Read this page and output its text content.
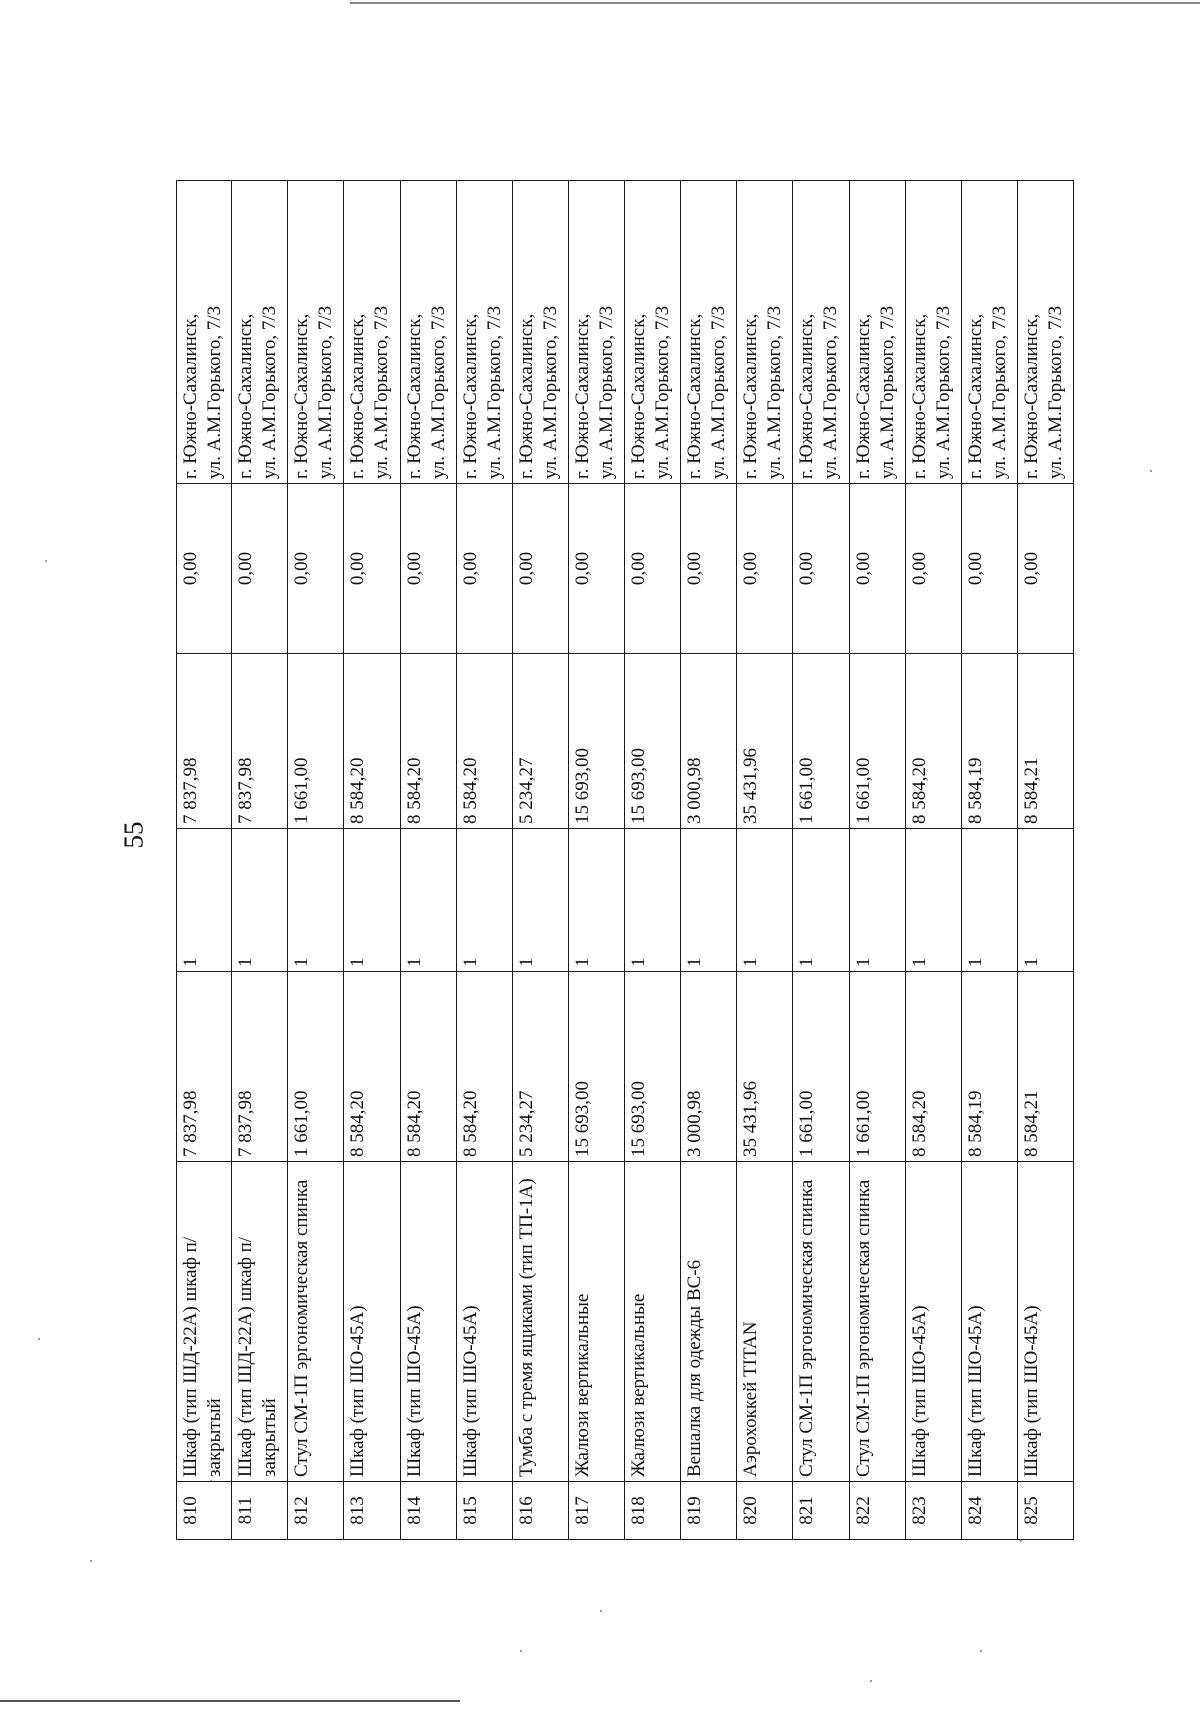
55
810
Шкаф (тип ШД-22А) шкаф п/закрытый
7 837,98
1
7 837,98
0,00
г. Южно-Сахалинск, ул. А.М.Горького, 7/3
811
Шкаф (тип ШД-22А) шкаф п/закрытый
7 837,98
1
7 837,98
0,00
г. Южно-Сахалинск, ул. А.М.Горького, 7/3
812
Стул СМ-1П эргономическая спинка
1 661,00
1
1 661,00
0,00
г. Южно-Сахалинск, ул. А.М.Горького, 7/3
813
Шкаф (тип ШО-45А)
8 584,20
1
8 584,20
0,00
г. Южно-Сахалинск, ул. А.М.Горького, 7/3
814
Шкаф (тип ШО-45А)
8 584,20
1
8 584,20
0,00
г. Южно-Сахалинск, ул. А.М.Горького, 7/3
815
Шкаф (тип ШО-45А)
8 584,20
1
8 584,20
0,00
г. Южно-Сахалинск, ул. А.М.Горького, 7/3
816
Тумба с тремя ящиками (тип ТП-1А)
5 234,27
1
5 234,27
0,00
г. Южно-Сахалинск, ул. А.М.Горького, 7/3
817
Жалюзи вертикальные
15 693,00
1
15 693,00
0,00
г. Южно-Сахалинск, ул. А.М.Горького, 7/3
818
Жалюзи вертикальные
15 693,00
1
15 693,00
0,00
г. Южно-Сахалинск, ул. А.М.Горького, 7/3
819
Вешалка для одежды ВС-6
3 000,98
1
3 000,98
0,00
г. Южно-Сахалинск, ул. А.М.Горького, 7/3
820
Аэрохоккей TITAN
35 431,96
1
35 431,96
0,00
г. Южно-Сахалинск, ул. А.М.Горького, 7/3
821
Стул СМ-1П эргономическая спинка
1 661,00
1
1 661,00
0,00
г. Южно-Сахалинск, ул. А.М.Горького, 7/3
822
Стул СМ-1П эргономическая спинка
1 661,00
1
1 661,00
0,00
г. Южно-Сахалинск, ул. А.М.Горького, 7/3
823
Шкаф (тип ШО-45А)
8 584,20
1
8 584,20
0,00
г. Южно-Сахалинск, ул. А.М.Горького, 7/3
824
Шкаф (тип ШО-45А)
8 584,19
1
8 584,19
0,00
г. Южно-Сахалинск, ул. А.М.Горького, 7/3
825
Шкаф (тип ШО-45А)
8 584,21
1
8 584,21
0,00
г. Южно-Сахалинск, ул. А.М.Горького, 7/3
